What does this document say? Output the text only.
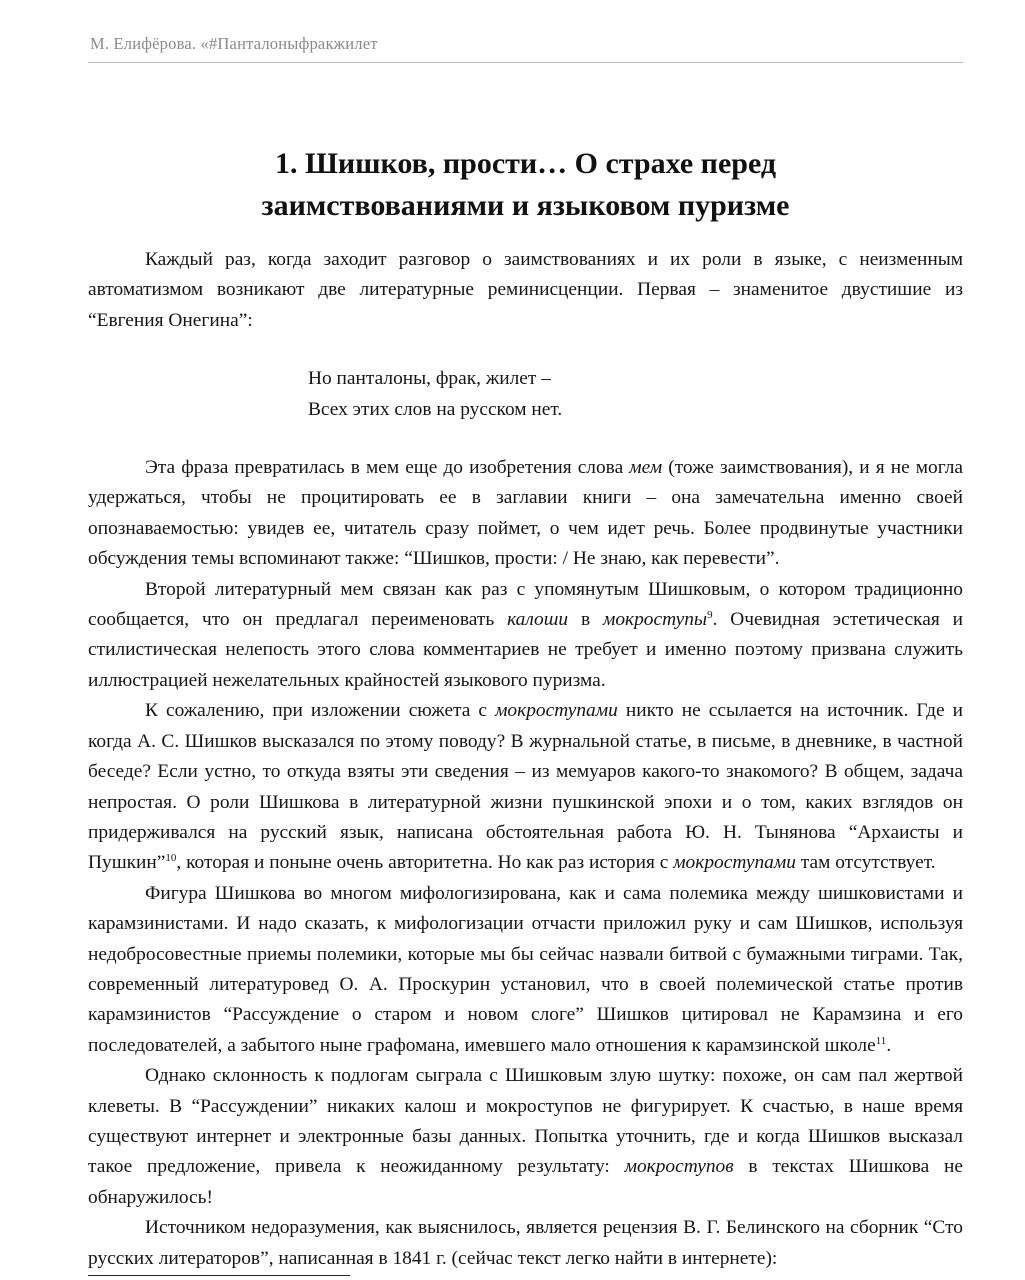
М. Елифёрова. «#Панталоныфракжилет
1. Шишков, прости… О страхе перед
заимствованиями и языковом пуризме

Каждый раз, когда заходит разговор о заимствованиях и их роли в языке, с неизменным автоматизмом возникают две литературные реминисценции. Первая – знаменитое двустишие из “Евгения Онегина”:

Но панталоны, фрак, жилет –
Всех этих слов на русском нет.

Эта фраза превратилась в мем еще до изобретения слова мем (тоже заимствования), и я не могла удержаться, чтобы не процитировать ее в заглавии книги – она замечательна именно своей опознаваемостью: увидев ее, читатель сразу поймет, о чем идет речь. Более продвинутые участники обсуждения темы вспоминают также: “Шишков, прости: / Не знаю, как перевести”.

Второй литературный мем связан как раз с упомянутым Шишковым, о котором традиционно сообщается, что он предлагал переименовать калоши в мокроступы$^9$. Очевидная эстетическая и стилистическая нелепость этого слова комментариев не требует и именно поэтому призвана служить иллюстрацией нежелательных крайностей языкового пуризма.

К сожалению, при изложении сюжета с мокроступами никто не ссылается на источник. Где и когда А. С. Шишков высказался по этому поводу? В журнальной статье, в письме, в дневнике, в частной беседе? Если устно, то откуда взяты эти сведения – из мемуаров какого-то знакомого? В общем, задача непростая. О роли Шишкова в литературной жизни пушкинской эпохи и о том, каких взглядов он придерживался на русский язык, написана обстоятельная работа Ю. Н. Тынянова “Архаисты и Пушкин”$^{10}$, которая и поныне очень авторитетна. Но как раз история с мокроступами там отсутствует.

Фигура Шишкова во многом мифологизирована, как и сама полемика между шишковистами и карамзинистами. И надо сказать, к мифологизации отчасти приложил руку и сам Шишков, используя недобросовестные приемы полемики, которые мы бы сейчас назвали битвой с бумажными тиграми. Так, современный литературовед О. А. Проскурин установил, что в своей полемической статье против карамзинистов “Рассуждение о старом и новом слоге” Шишков цитировал не Карамзина и его последователей, а забытого ныне графомана, имевшего мало отношения к карамзинской школе$^{11}$.

Однако склонность к подлогам сыграла с Шишковым злую шутку: похоже, он сам пал жертвой клеветы. В “Рассуждении” никаких калош и мокроступов не фигурирует. К счастью, в наше время существуют интернет и электронные базы данных. Попытка уточнить, где и когда Шишков высказал такое предложение, привела к неожиданному результату: мокроступов в текстах Шишкова не обнаружилось!

Источником недоразумения, как выяснилось, является рецензия В. Г. Белинского на сборник “Сто русских литераторов”, написанная в 1841 г. (сейчас текст легко найти в интернете):
